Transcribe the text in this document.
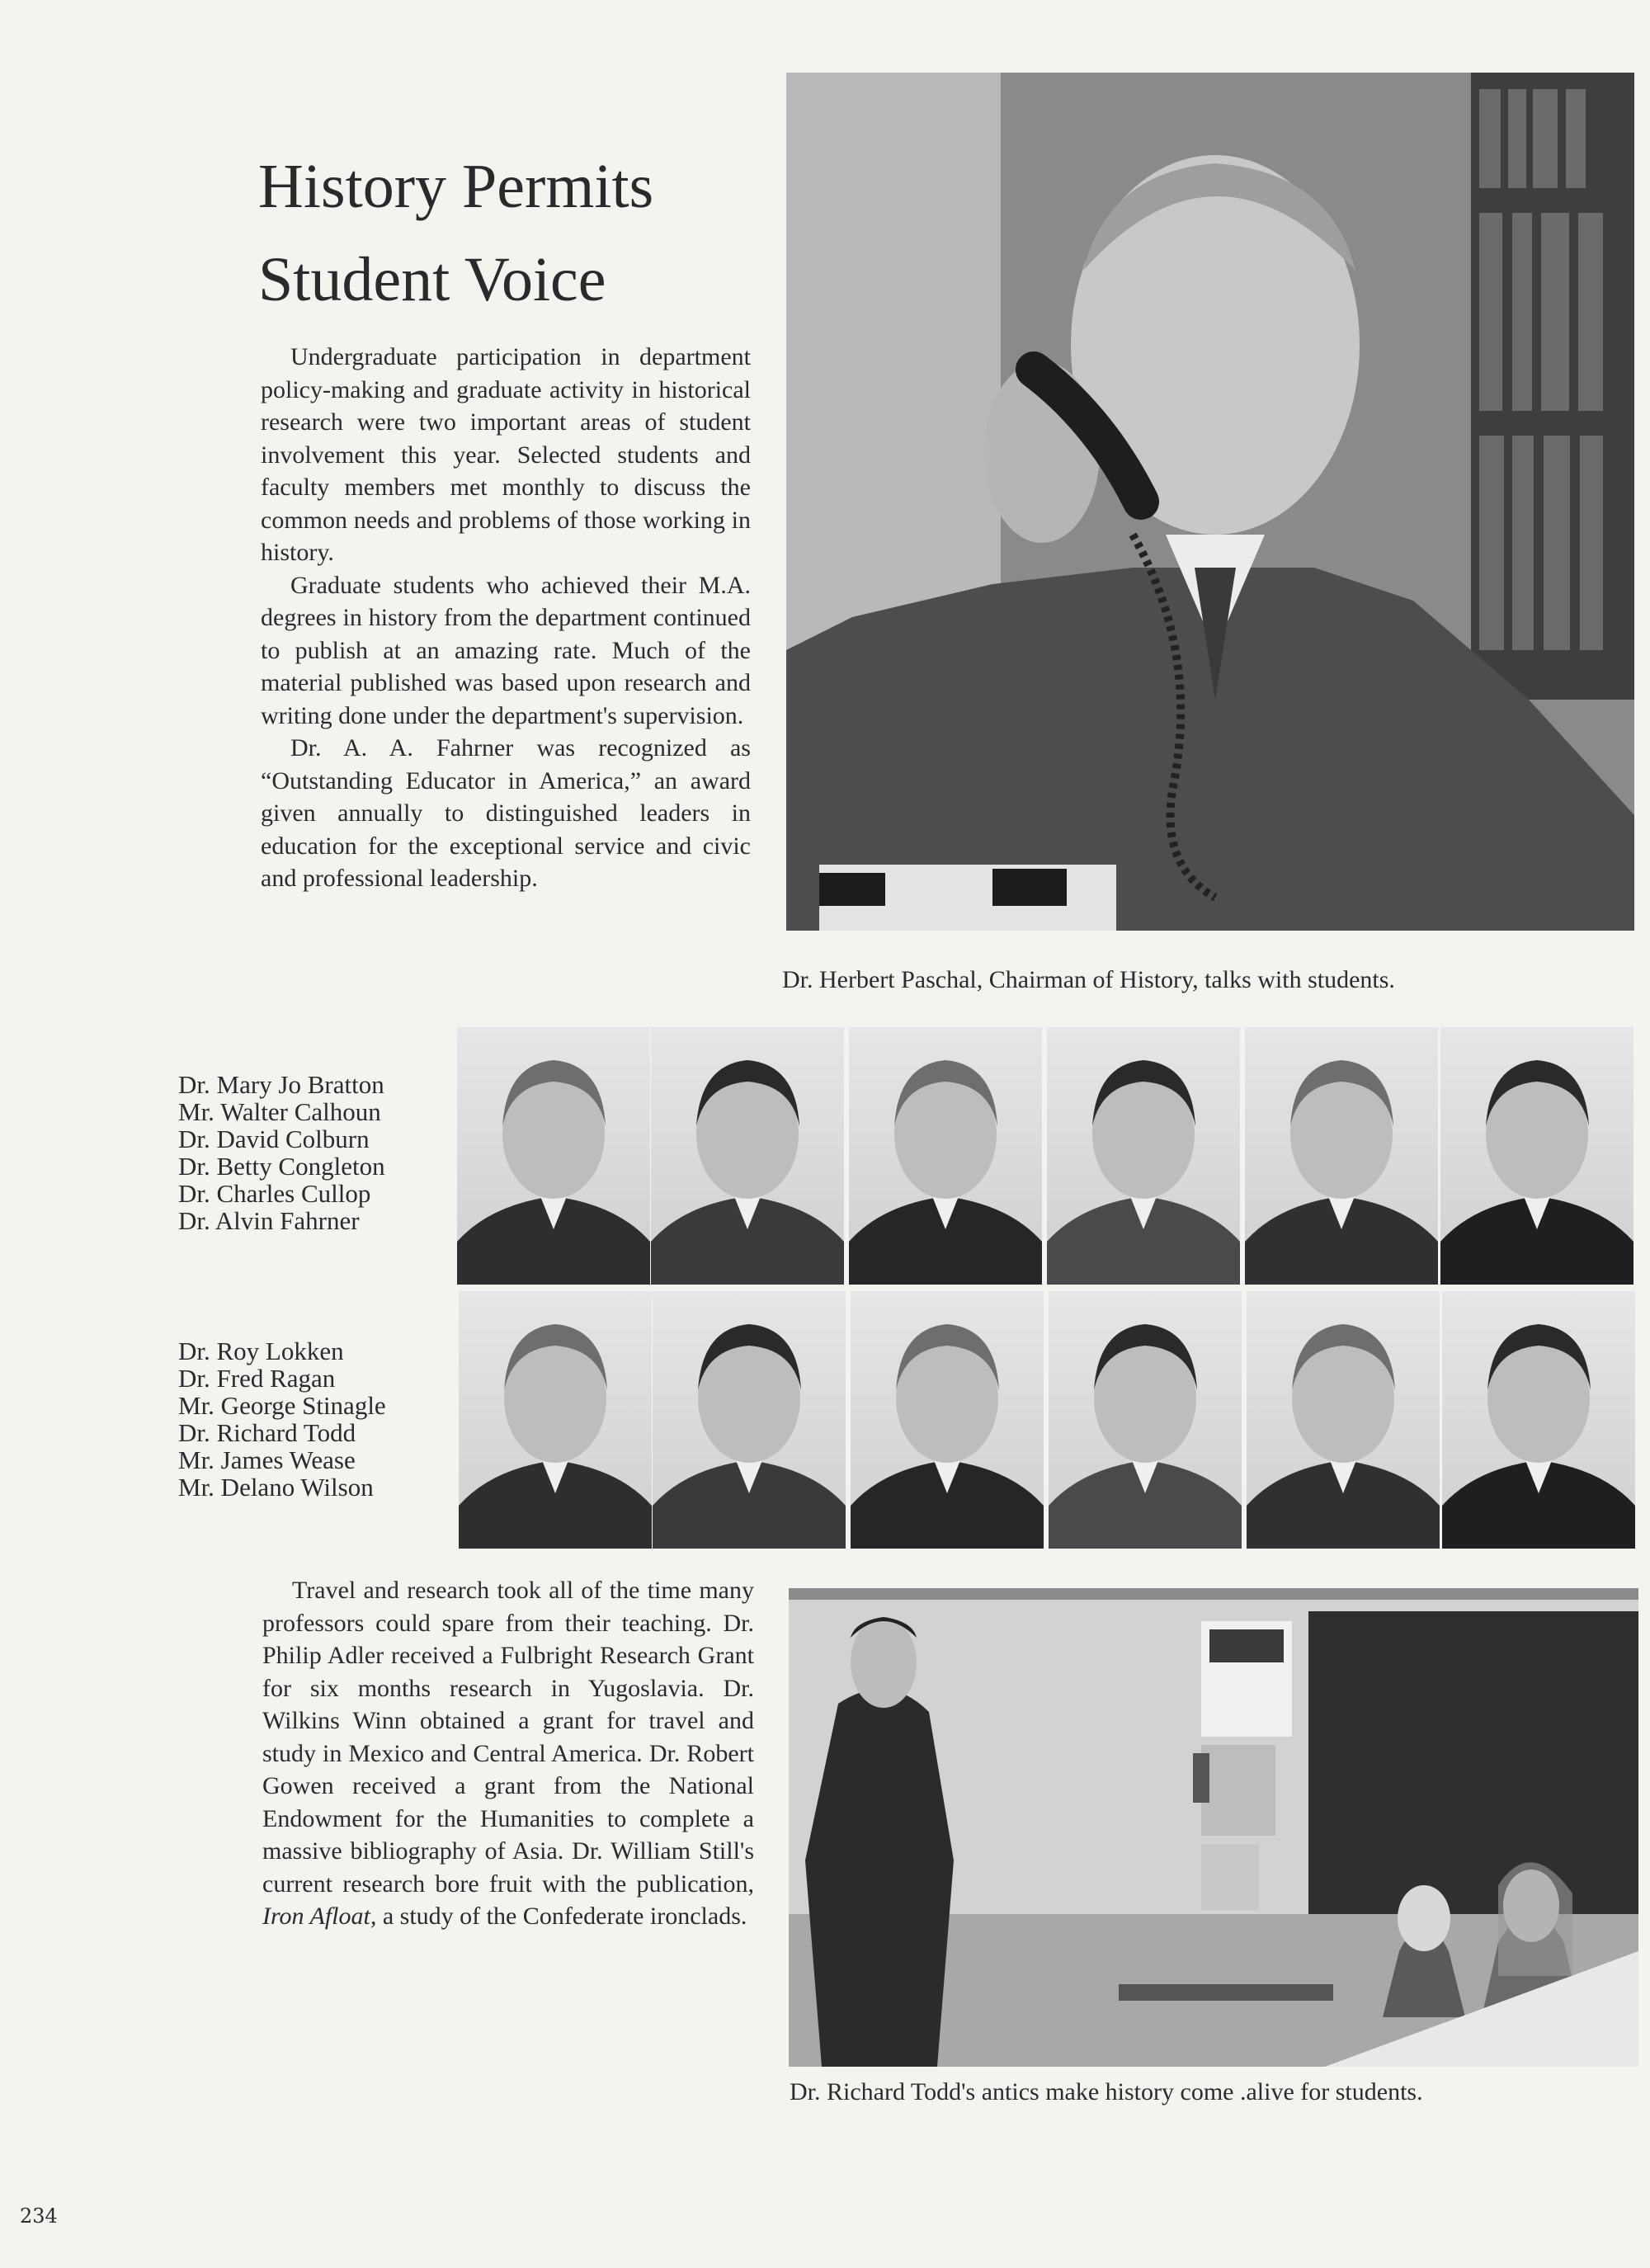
History Permits
Student Voice

Undergraduate participation in department policy-making and graduate activity in historical research were two important areas of student involvement this year. Selected students and faculty members met monthly to discuss the common needs and problems of those working in history.

Graduate students who achieved their M.A. degrees in history from the department continued to publish at an amazing rate. Much of the material published was based upon research and writing done under the department's supervision.

Dr. A. A. Fahrner was recognized as “Outstanding Educator in America,” an award given annually to distinguished leaders in education for the exceptional service and civic and professional leadership.

Dr. Herbert Paschal, Chairman of History, talks with students.
Dr. Mary Jo Bratton
Mr. Walter Calhoun
Dr. David Colburn
Dr. Betty Congleton
Dr. Charles Cullop
Dr. Alvin Fahrner
Dr. Roy Lokken
Dr. Fred Ragan
Mr. George Stinagle
Dr. Richard Todd
Mr. James Wease
Mr. Delano Wilson

Travel and research took all of the time many professors could spare from their teaching. Dr. Philip Adler received a Fulbright Research Grant for six months research in Yugoslavia. Dr. Wilkins Winn obtained a grant for travel and study in Mexico and Central America. Dr. Robert Gowen received a grant from the National Endowment for the Humanities to complete a massive bibliography of Asia. Dr. William Still's current research bore fruit with the publication, Iron Afloat, a study of the Confederate ironclads.

Dr. Richard Todd's antics make history come .alive for students.
234
